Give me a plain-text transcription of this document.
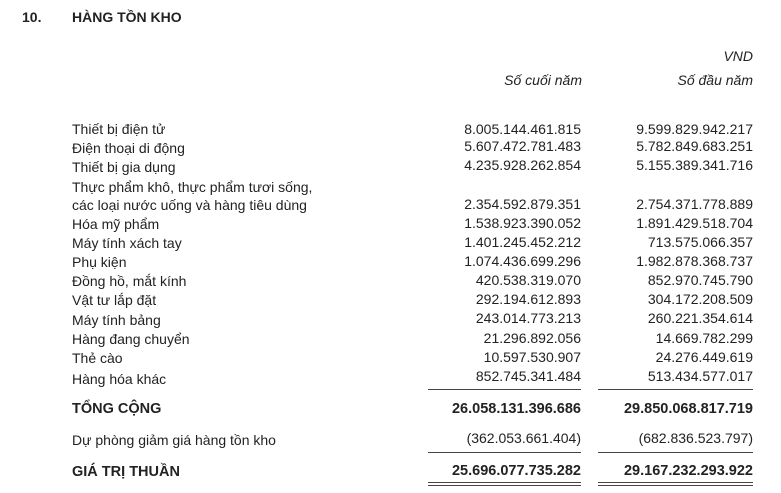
10. HÀNG TỒN KHO
VND
Số cuối năm	Số đầu năm
Thiết bị điện tử	8.005.144.461.815	9.599.829.942.217
Điện thoại di động	5.607.472.781.483	5.782.849.683.251
Thiết bị gia dụng	4.235.928.262.854	5.155.389.341.716
Thực phẩm khô, thực phẩm tươi sống,
các loại nước uống và hàng tiêu dùng	2.354.592.879.351	2.754.371.778.889
Hóa mỹ phẩm	1.538.923.390.052	1.891.429.518.704
Máy tính xách tay	1.401.245.452.212	713.575.066.357
Phụ kiện	1.074.436.699.296	1.982.878.368.737
Đồng hồ, mắt kính	420.538.319.070	852.970.745.790
Vật tư lắp đặt	292.194.612.893	304.172.208.509
Máy tính bảng	243.014.773.213	260.221.354.614
Hàng đang chuyển	21.296.892.056	14.669.782.299
Thẻ cào	10.597.530.907	24.276.449.619
Hàng hóa khác	852.745.341.484	513.434.577.017
TỔNG CỘNG	26.058.131.396.686	29.850.068.817.719
Dự phòng giảm giá hàng tồn kho	(362.053.661.404)	(682.836.523.797)
GIÁ TRỊ THUẦN	25.696.077.735.282	29.167.232.293.922
